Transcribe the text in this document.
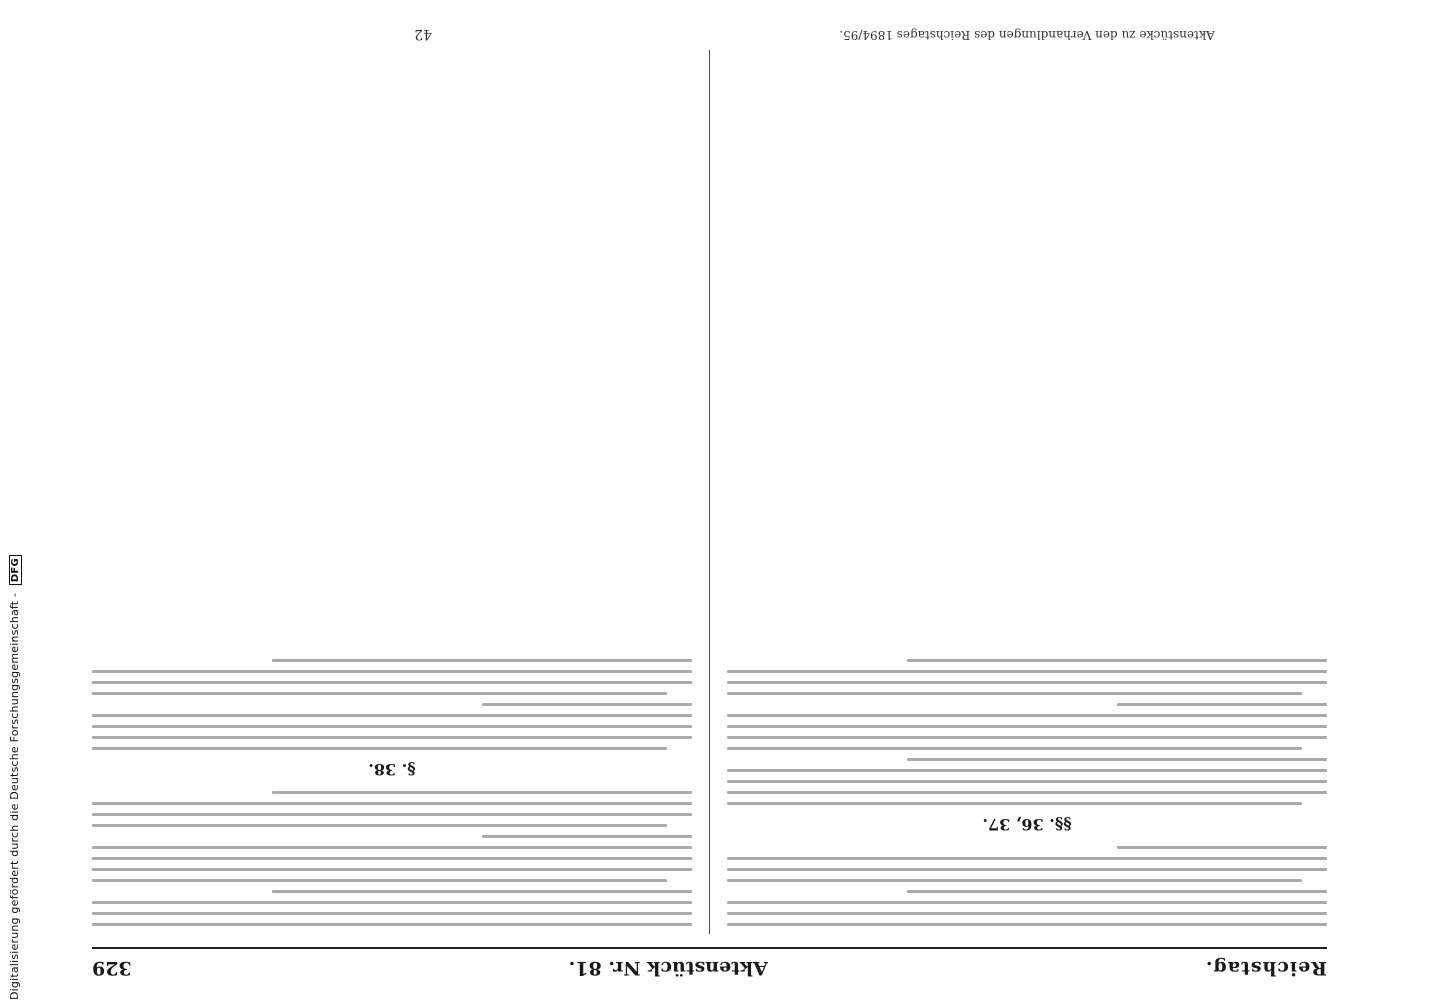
Reichstag.
Aktenstück Nr. 81.
329
§§. 36, 37.
§. 38.
Aktenstücke zu den Verhandlungen des Reichstages 1894/95.
42
Digitalisierung gefördert durch die Deutsche Forschungsgemeinschaft - DFG
